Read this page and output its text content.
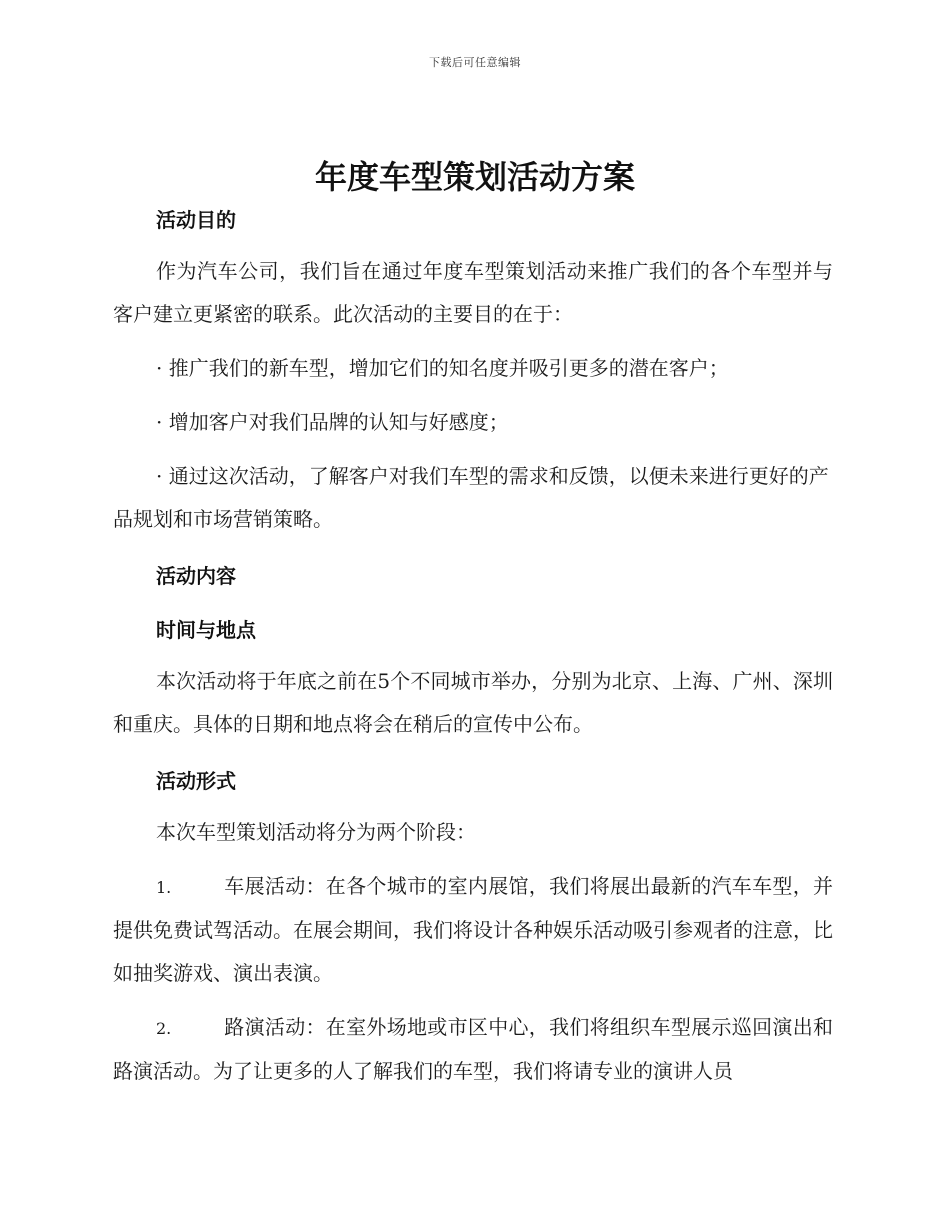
下载后可任意编辑
年度车型策划活动方案
活动目的
作为汽车公司，我们旨在通过年度车型策划活动来推广我们的各个车型并与客户建立更紧密的联系。此次活动的主要目的在于：
· 推广我们的新车型，增加它们的知名度并吸引更多的潜在客户；
· 增加客户对我们品牌的认知与好感度；
· 通过这次活动，了解客户对我们车型的需求和反馈，以便未来进行更好的产品规划和市场营销策略。
活动内容
时间与地点
本次活动将于年底之前在5个不同城市举办，分别为北京、上海、广州、深圳和重庆。具体的日期和地点将会在稍后的宣传中公布。
活动形式
本次车型策划活动将分为两个阶段：
1.	车展活动：在各个城市的室内展馆，我们将展出最新的汽车车型，并提供免费试驾活动。在展会期间，我们将设计各种娱乐活动吸引参观者的注意，比如抽奖游戏、演出表演。
2.	路演活动：在室外场地或市区中心，我们将组织车型展示巡回演出和路演活动。为了让更多的人了解我们的车型，我们将请专业的演讲人员
